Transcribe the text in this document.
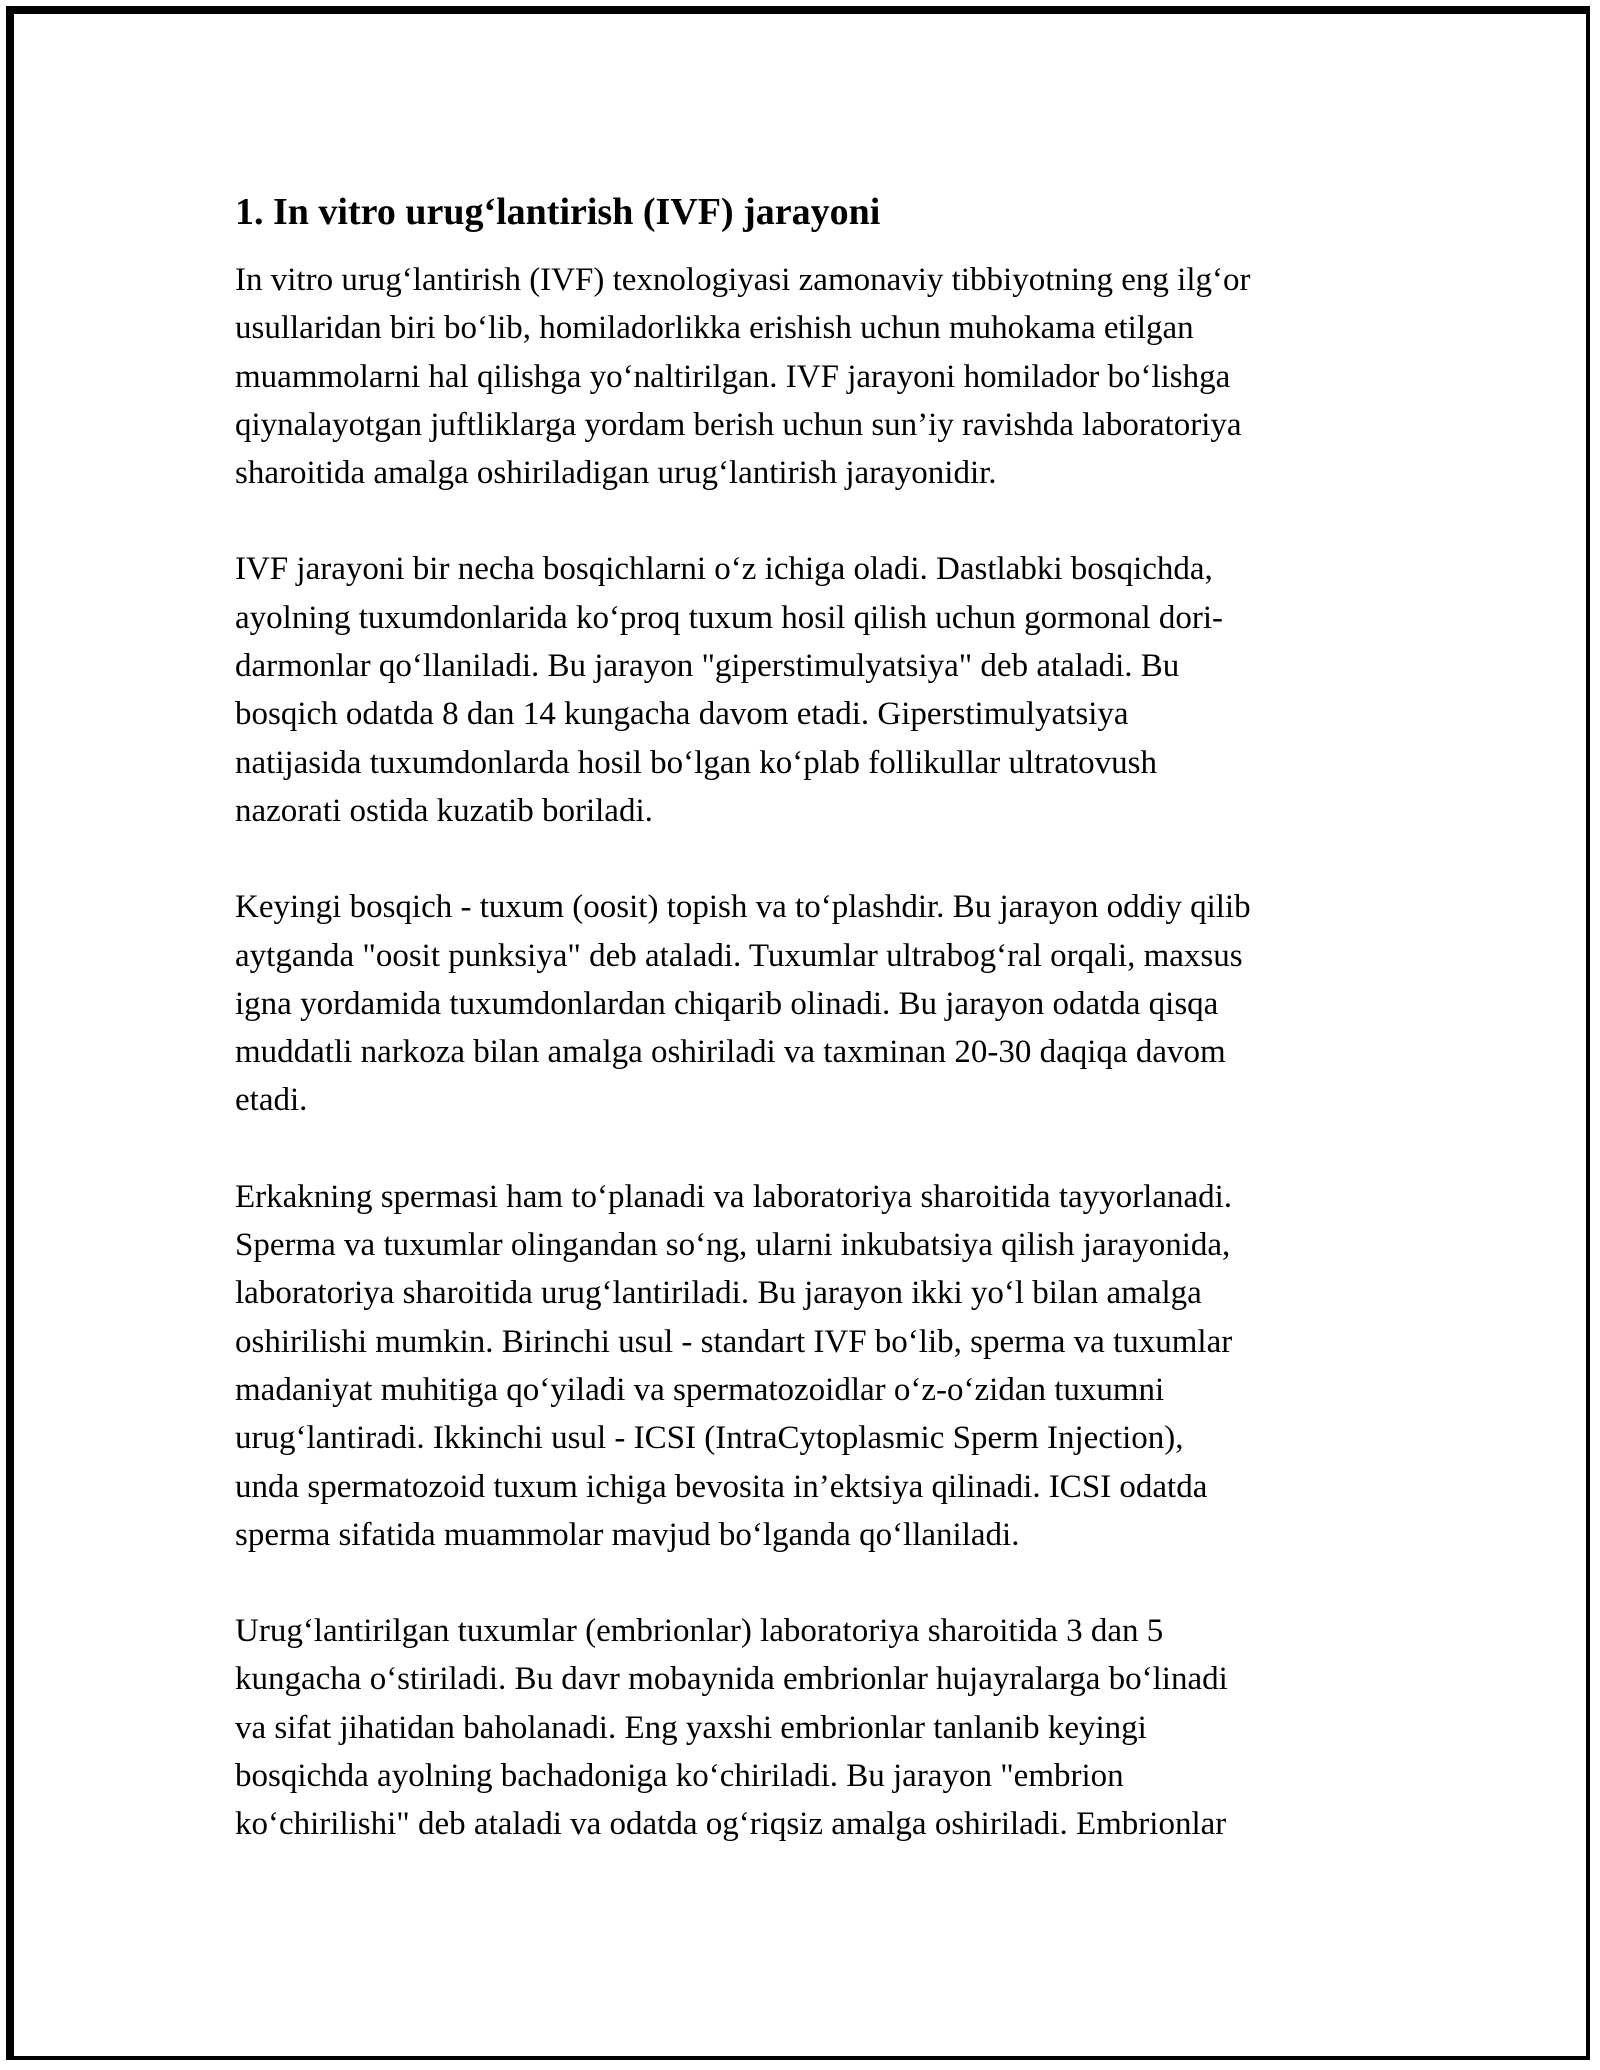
1. In vitro urug‘lantirish (IVF) jarayoni
In vitro urug‘lantirish (IVF) texnologiyasi zamonaviy tibbiyotning eng ilg‘or
usullaridan biri bo‘lib, homiladorlikka erishish uchun muhokama etilgan
muammolarni hal qilishga yo‘naltirilgan. IVF jarayoni homilador bo‘lishga
qiynalayotgan juftliklarga yordam berish uchun sun’iy ravishda laboratoriya
sharoitida amalga oshiriladigan urug‘lantirish jarayonidir.
IVF jarayoni bir necha bosqichlarni o‘z ichiga oladi. Dastlabki bosqichda,
ayolning tuxumdonlarida ko‘proq tuxum hosil qilish uchun gormonal dori-
darmonlar qo‘llaniladi. Bu jarayon "giperstimulyatsiya" deb ataladi. Bu
bosqich odatda 8 dan 14 kungacha davom etadi. Giperstimulyatsiya
natijasida tuxumdonlarda hosil bo‘lgan ko‘plab follikullar ultratovush
nazorati ostida kuzatib boriladi.
Keyingi bosqich - tuxum (oosit) topish va to‘plashdir. Bu jarayon oddiy qilib
aytganda "oosit punksiya" deb ataladi. Tuxumlar ultrabog‘ral orqali, maxsus
igna yordamida tuxumdonlardan chiqarib olinadi. Bu jarayon odatda qisqa
muddatli narkoza bilan amalga oshiriladi va taxminan 20-30 daqiqa davom
etadi.
Erkakning spermasi ham to‘planadi va laboratoriya sharoitida tayyorlanadi.
Sperma va tuxumlar olingandan so‘ng, ularni inkubatsiya qilish jarayonida,
laboratoriya sharoitida urug‘lantiriladi. Bu jarayon ikki yo‘l bilan amalga
oshirilishi mumkin. Birinchi usul - standart IVF bo‘lib, sperma va tuxumlar
madaniyat muhitiga qo‘yiladi va spermatozoidlar o‘z-o‘zidan tuxumni
urug‘lantiradi. Ikkinchi usul - ICSI (IntraCytoplasmic Sperm Injection),
unda spermatozoid tuxum ichiga bevosita in’ektsiya qilinadi. ICSI odatda
sperma sifatida muammolar mavjud bo‘lganda qo‘llaniladi.
Urug‘lantirilgan tuxumlar (embrionlar) laboratoriya sharoitida 3 dan 5
kungacha o‘stiriladi. Bu davr mobaynida embrionlar hujayralarga bo‘linadi
va sifat jihatidan baholanadi. Eng yaxshi embrionlar tanlanib keyingi
bosqichda ayolning bachadoniga ko‘chiriladi. Bu jarayon "embrion
ko‘chirilishi" deb ataladi va odatda og‘riqsiz amalga oshiriladi. Embrionlar
